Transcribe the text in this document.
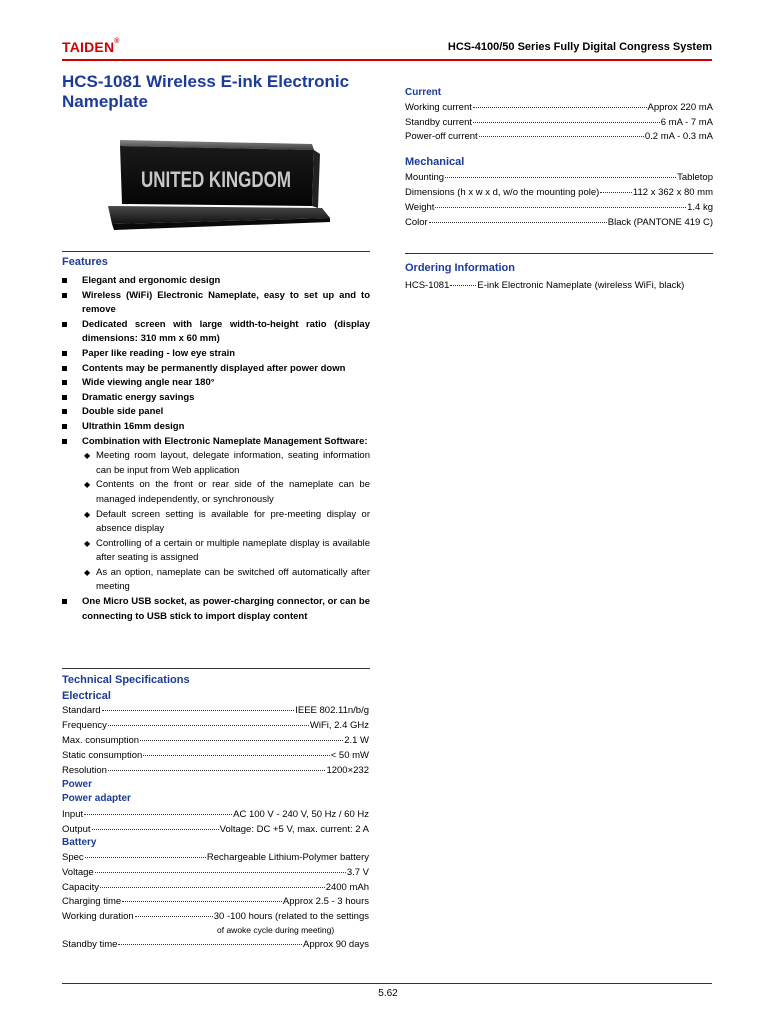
TAIDEN®	HCS-4100/50 Series Fully Digital Congress System
HCS-1081 Wireless E-ink Electronic Nameplate
UNITED KINGDOM
Features
Elegant and ergonomic design
Wireless (WiFi) Electronic Nameplate, easy to set up and to remove
Dedicated screen with large width-to-height ratio (display dimensions: 310 mm x 60 mm)
Paper like reading - low eye strain
Contents may be permanently displayed after power down
Wide viewing angle near 180°
Dramatic energy savings
Double side panel
Ultrathin 16mm design
Combination with Electronic Nameplate Management Software:
◆ Meeting room layout, delegate information, seating information can be input from Web application
◆ Contents on the front or rear side of the nameplate can be managed independently, or synchronously
◆ Default screen setting is available for pre-meeting display or absence display
◆ Controlling of a certain or multiple nameplate display is available after seating is assigned
◆ As an option, nameplate can be switched off automatically after meeting
One Micro USB socket, as power-charging connector, or can be connecting to USB stick to import display content
Technical Specifications
Electrical
Standard	IEEE 802.11n/b/g
Frequency	WiFi, 2.4 GHz
Max. consumption	2.1 W
Static consumption	< 50 mW
Resolution	1200×232
Power
Power adapter
Input	AC 100 V - 240 V, 50 Hz / 60 Hz
Output	Voltage: DC +5 V, max. current: 2 A
Battery
Spec	Rechargeable Lithium-Polymer battery
Voltage	3.7 V
Capacity	2400 mAh
Charging time	Approx 2.5 - 3 hours
Working duration	30 -100 hours (related to the settings
of awoke cycle during meeting)
Standby time	Approx 90 days
Current
Working current	Approx 220 mA
Standby current	6 mA - 7 mA
Power-off current	0.2 mA - 0.3 mA
Mechanical
Mounting	Tabletop
Dimensions (h x w x d, w/o the mounting pole)	112 x 362 x 80 mm
Weight	1.4 kg
Color	Black (PANTONE 419 C)
Ordering Information
HCS-1081	E-ink Electronic Nameplate (wireless WiFi, black)
5.62
